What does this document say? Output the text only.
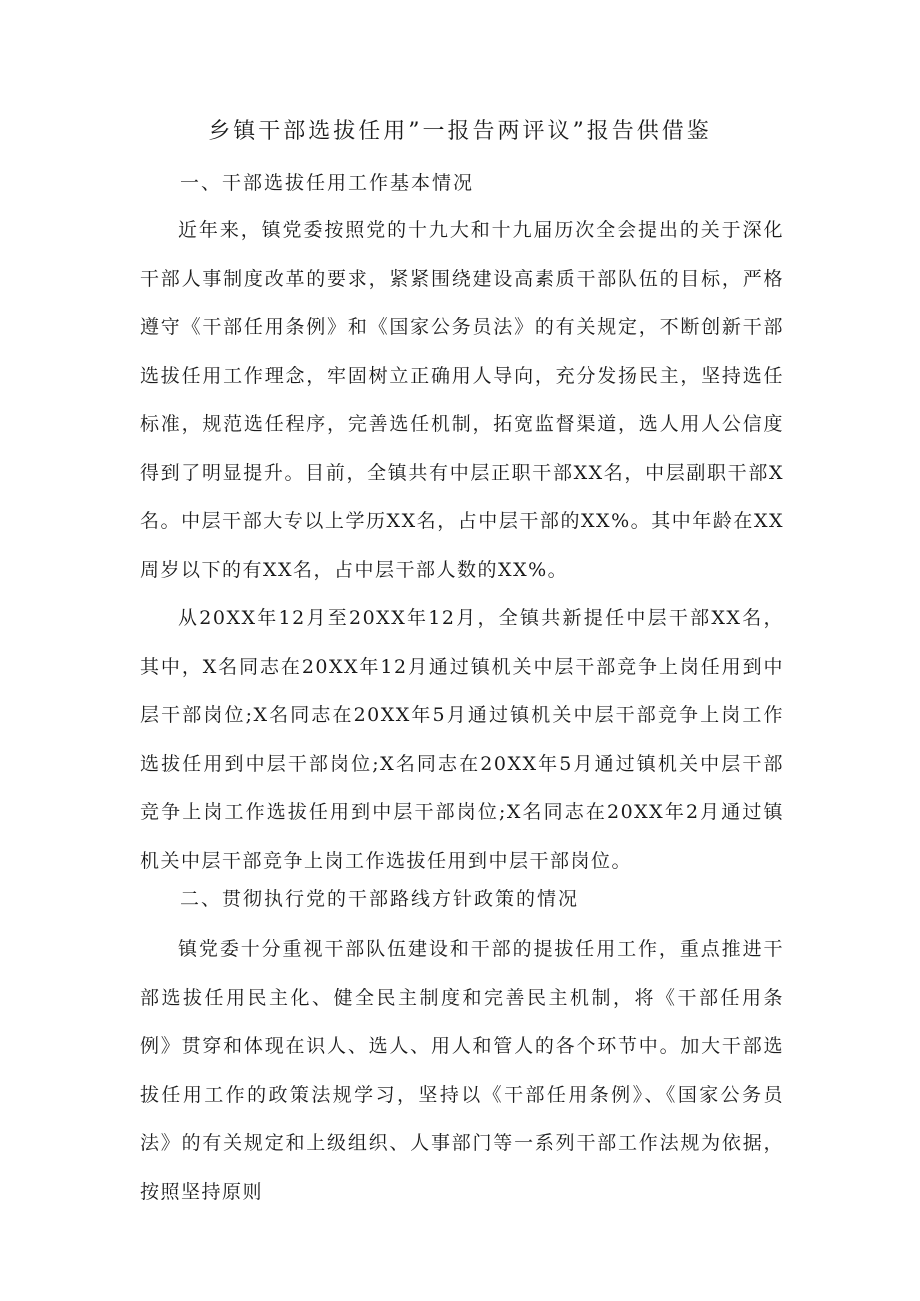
乡镇干部选拔任用”一报告两评议”报告供借鉴
一、干部选拔任用工作基本情况

近年来，镇党委按照党的十九大和十九届历次全会提出的关于深化干部人事制度改革的要求，紧紧围绕建设高素质干部队伍的目标，严格遵守《干部任用条例》和《国家公务员法》的有关规定，不断创新干部选拔任用工作理念，牢固树立正确用人导向，充分发扬民主，坚持选任标准，规范选任程序，完善选任机制，拓宽监督渠道，选人用人公信度得到了明显提升。目前，全镇共有中层正职干部XX名，中层副职干部X名。中层干部大专以上学历XX名，占中层干部的XX%。其中年龄在XX周岁以下的有XX名，占中层干部人数的XX%。

从20XX年12月至20XX年12月，全镇共新提任中层干部XX名，其中，X名同志在20XX年12月通过镇机关中层干部竞争上岗任用到中层干部岗位;X名同志在20XX年5月通过镇机关中层干部竞争上岗工作选拔任用到中层干部岗位;X名同志在20XX年5月通过镇机关中层干部竞争上岗工作选拔任用到中层干部岗位;X名同志在20XX年2月通过镇机关中层干部竞争上岗工作选拔任用到中层干部岗位。

二、贯彻执行党的干部路线方针政策的情况

镇党委十分重视干部队伍建设和干部的提拔任用工作，重点推进干部选拔任用民主化、健全民主制度和完善民主机制，将《干部任用条例》贯穿和体现在识人、选人、用人和管人的各个环节中。加大干部选拔任用工作的政策法规学习，坚持以《干部任用条例》、《国家公务员法》的有关规定和上级组织、人事部门等一系列干部工作法规为依据，按照坚持原则
